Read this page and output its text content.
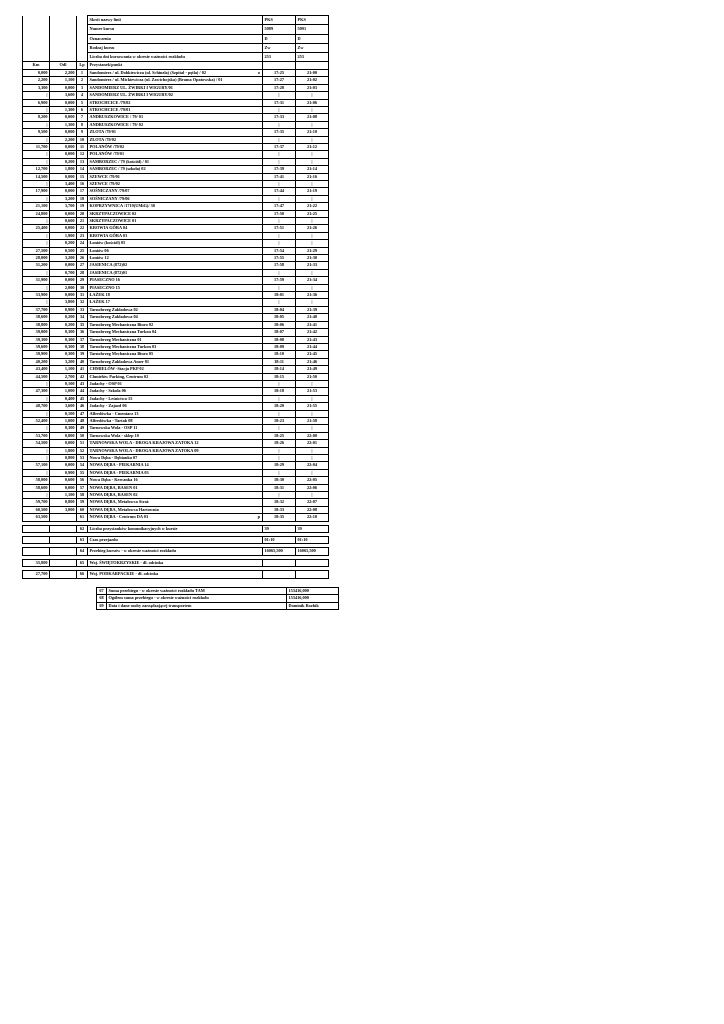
			Skrót nazwy linii	PKS	PKS
			Numer kursu	5089	5091
			Oznaczenia	D	D
			Rodzaj kursu	Zw	Zw
			Liczba dni kursowania w okresie ważności rozkładu	253	253
Km	Odl	Lp	Przystanek/punkt		
0,000	2,200	1	Sandomierz / ul. Dobkiewicza (ul. Schinzla) (Szpital - pętla) / 02 o	17:25	21:00
2,200	1,100	2	Sandomierz / ul. Mickiewicza (ul. Zawichojska) (Brama Opatowska) / 01	17:27	21:02
3,300	0,000	3	SANDOMIERZ UL. ŻWIRKI I WIGURY/01	17:28	21:03
|	3,600	4	SANDOMIERZ UL. ŻWIRKI I WIGURY/02	|	|
6,900	0,000	5	STROCHCICE /79/02	17:31	21:06
|	1,300	6	STROCHCICE /79/01	|	|
8,200	0,000	7	ANDRUSZKOWICE / 79/ 01	17:33	21:08
|	1,300	8	ANDRUSZKOWICE / 79/ 02	|	|
9,500	0,000	9	ZŁOTA /79/01	17:35	21:10
|	2,200	10	ZŁOTA /79/02	|	|
11,700	0,000	11	POLANÓW /79/02	17:37	21:12
|	0,000	12	POLANÓW /79/01	|	|
|	0,200	13	SAMBORZEC / 79 (kościół) / 01	|	|
12,700	1,800	14	SAMBORZEC / 79 (szkoła) 02	17:39	21:14
14,500	0,000	15	SZEWCE /79/01	17:41	21:16
|	3,400	16	SZEWCE /79/02	|	|
17,900	0,000	17	SOŚNICZANY /79/07	17:44	21:19
|	3,200	18	SOŚNICZANY /79/06	|	|
21,100	3,700	19	KOPRZYWNICA /1719(UMiG)/ 30	17:47	21:22
24,800	0,000	20	SKRZYPACZOWICE 02	17:50	21:25
|	0,600	21	SKRZYPACZOWICE 01	|	|
25,400	0,000	22	KROWIA GÓRA 04	17:51	21:26
|	1,900	23	KROWIA GÓRA 03	|	|
|	0,200	24	Łoniów (kościół) 05	|	|
27,500	0,500	25	Łoniów 06	17:54	21:29
28,000	3,200	26	Łoniów 12	17:55	21:30
31,200	0,000	27	JASIENICA (872)02	17:58	21:33
|	0,700	28	JASIENICA (872)01	|	|
31,900	0,000	29	PIASECZNO 16	17:59	21:34
|	2,000	30	PIASECZNO 15	|	|
33,900	0,000	31	ŁAŻEK 18	18:01	21:36
|	3,800	32	ŁAŻEK 17	|	|
37,700	0,900	33	Tarnobrzeg Zakładowa 02	18:04	21:39
38,600	0,200	34	Tarnobrzeg Zakładowa 04	18:05	21:40
38,800	0,200	35	Tarnobrzeg Mechaniczna Biuro 02	18:06	21:41
39,000	0,300	36	Tarnobrzeg Mechaniczna Turkon 04	18:07	21:42
39,300	0,300	37	Tarnobrzeg Mechaniczna 01	18:08	21:43
39,600	0,300	38	Tarnobrzeg Mechaniczna Turkon 03	18:09	21:44
39,900	0,300	39	Tarnobrzeg Mechaniczna Biuro 05	18:10	21:45
40,200	3,200	40	Tarnobrzeg Zakładowa Amer 01	18:11	21:46
43,400	1,100	41	CHMIELÓW -Stacja PKP 02	18:14	21:49
44,500	2,700	42	Chmielów Parking, Centrum 02	18:15	21:50
|	0,100	43	Jadachy - OSP 01	|	|
47,300	1,000	44	Jadachy - Szkoła 06	18:18	21:53
|	0,400	45	Jadachy - Leśnictwo 15	|	|
48,700	3,600	46	Jadachy - Zajazd 06	18:20	21:55
|	0,100	47	Alfredówka - Cmentarz 13	|	|
52,400	1,000	48	Alfredówka - Tartak 08	18:23	21:58
|	0,300	49	Tarnowska Wola - OSP 11	|	|
53,700	0,800	50	Tarnowska Wola - sklep 10	18:25	22:00
54,500	0,000	51	TARNOWSKA WOLA - DROGA KRAJOWA ZATOKA 12	18:26	22:01
|	1,800	52	TARNOWSKA WOLA - DROGA KRAJOWA ZATOKA 09	|	|
|	0,800	53	Nowa Dęba - Dębianka 07	|	|
57,100	0,000	54	NOWA DĘBA - PIEKARNIA 14	18:29	22:04
|	0,900	55	NOWA DĘBA - PIEKARNIA 03	|	|
58,000	0,600	56	Nowa Dęba - Kercanka 16	18:30	22:05
58,600	0,000	57	NOWA DĘBA, BASEN 01	18:31	22:06
|	1,100	58	NOWA DĘBA, BASEN 02	|	|
59,700	0,800	59	NOWA DĘBA, Metalowca Straż	18:32	22:07
60,500	3,000	60	NOWA DĘBA, Metalowca Hartownia	18:33	22:08
63,500		61	NOWA DĘBA - Centrum DA 03 p	18:35	22:10

		62	Liczba przystanków komunikacyjnych w kursie	39	39

		63	Czas przejazdu	01:10	01:10

		64	Przebieg kursów - w okresie ważności rozkładu	16065,500	16065,500

35,800		65	Woj. ŚWIĘTOKRZYSKIE - dł. odcinka		

27,700		66	Woj. PODKARPACKIE - dł. odcinka		
67	Suma przebiegu - w okresie ważności rozkładu TAM	153416,000
68	Ogółem suma przebiegu - w okresie ważności rozkładu	153416,000
69	Data i dane osoby zarządzającej transportem	Dominik Rozbik
